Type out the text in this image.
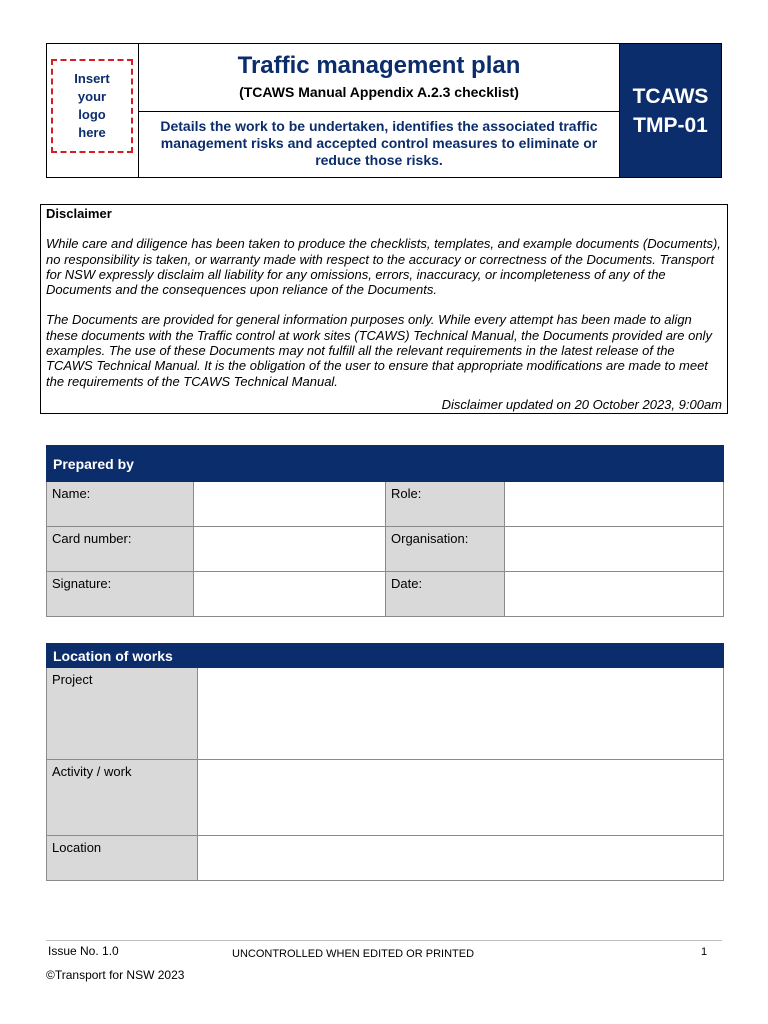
Insert
your
logo
here
Traffic management plan
(TCAWS Manual Appendix A.2.3 checklist)
Details the work to be undertaken, identifies the associated traffic management risks and accepted control measures to eliminate or reduce those risks.
TCAWS
TMP-01
Disclaimer
While care and diligence has been taken to produce the checklists, templates, and example documents (Documents), no responsibility is taken, or warranty made with respect to the accuracy or correctness of the Documents. Transport for NSW expressly disclaim all liability for any omissions, errors, inaccuracy, or incompleteness of any of the Documents and the consequences upon reliance of the Documents.
The Documents are provided for general information purposes only. While every attempt has been made to align these documents with the Traffic control at work sites (TCAWS) Technical Manual, the Documents provided are only examples. The use of these Documents may not fulfill all the relevant requirements in the latest release of the TCAWS Technical Manual. It is the obligation of the user to ensure that appropriate modifications are made to meet the requirements of the TCAWS Technical Manual.
Disclaimer updated on 20 October 2023, 9:00am
Prepared by			
Name:		Role:	
Card number:		Organisation:	
Signature:		Date:	
Location of works	
Project	
Activity / work	
Location	
Issue No. 1.0	UNCONTROLLED WHEN EDITED OR PRINTED	1
©Transport for NSW 2023
